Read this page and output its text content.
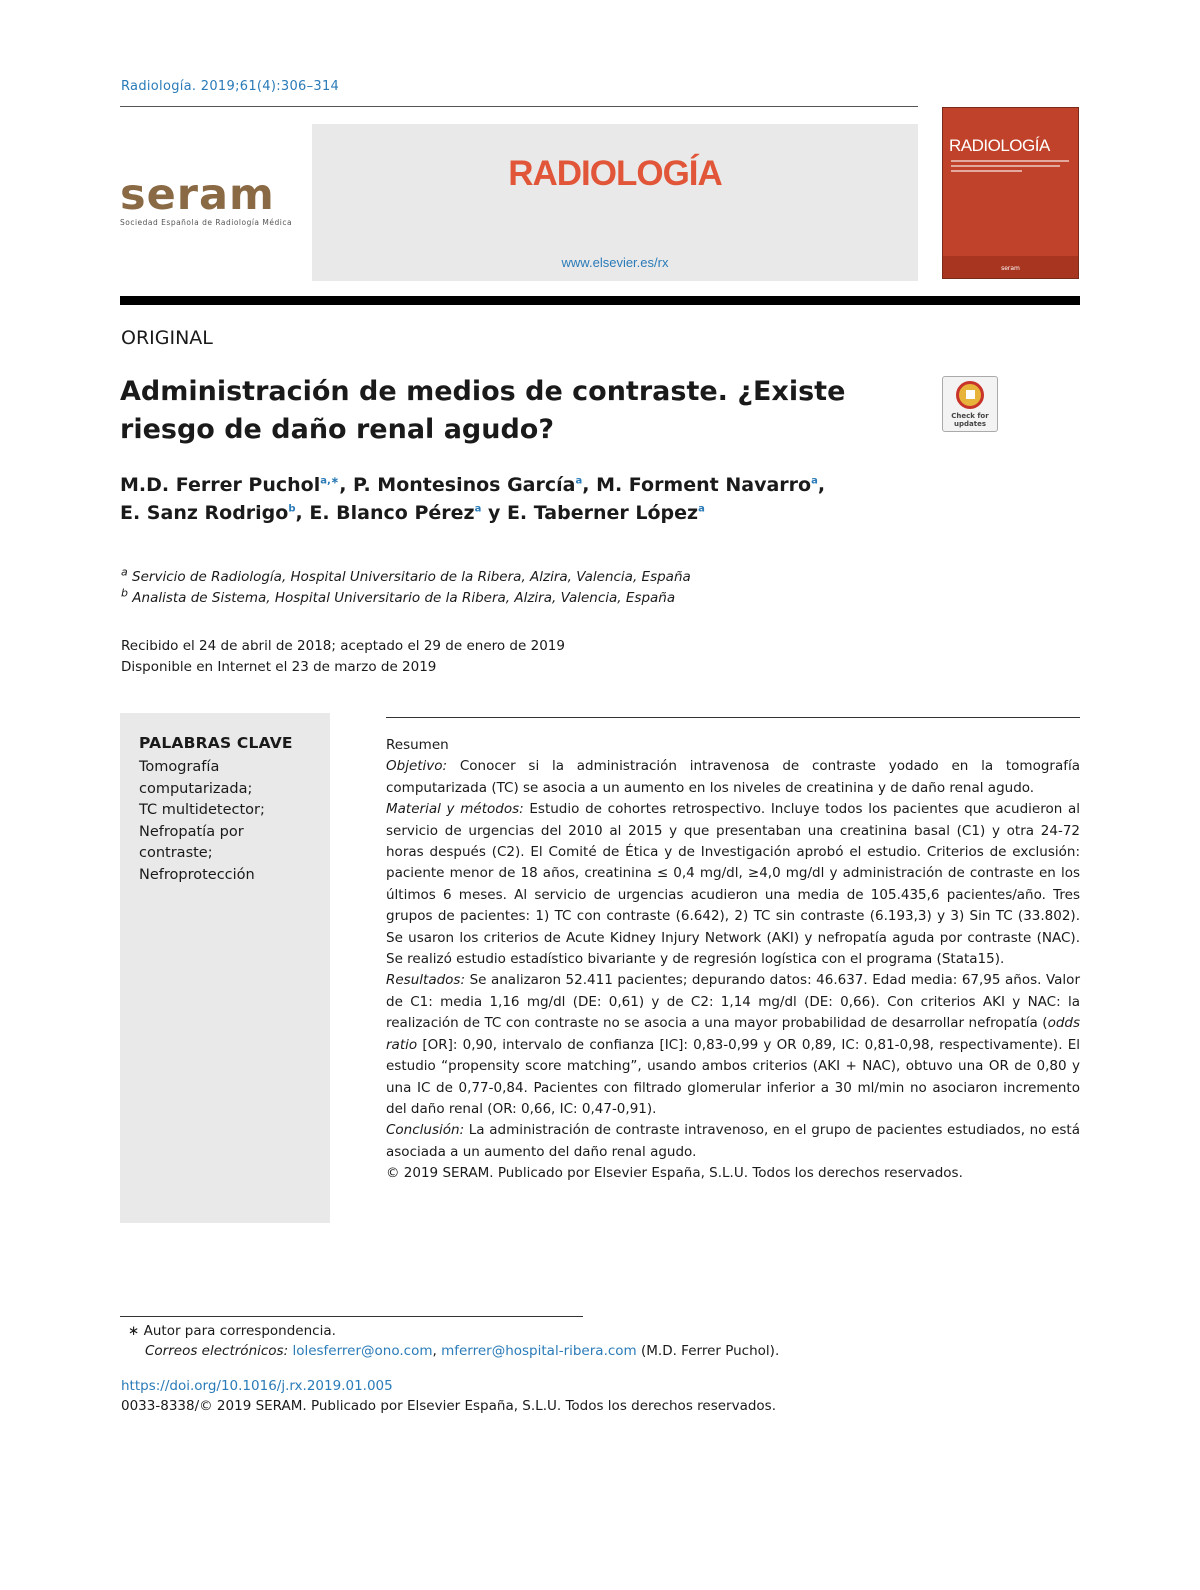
Radiología. 2019;61(4):306–314
seram
Sociedad Española de Radiología Médica
RADIOLOGÍA
www.elsevier.es/rx
RADIOLOGÍA
seram
ORIGINAL
Administración de medios de contraste. ¿Existe riesgo de daño renal agudo?	Check for
updates
M.D. Ferrer Puchol$^{a,∗}$, P. Montesinos García$^a$, M. Forment Navarro$^a$,
E. Sanz Rodrigo$^b$, E. Blanco Pérez$^a$ y E. Taberner López$^a$
$^a$ Servicio de Radiología, Hospital Universitario de la Ribera, Alzira, Valencia, España
$^b$ Analista de Sistema, Hospital Universitario de la Ribera, Alzira, Valencia, España
Recibido el 24 de abril de 2018; aceptado el 29 de enero de 2019
Disponible en Internet el 23 de marzo de 2019
PALABRAS CLAVE
Tomografía
computarizada;
TC multidetector;
Nefropatía por
contraste;
Nefroprotección

Resumen

Objetivo: Conocer si la administración intravenosa de contraste yodado en la tomografía computarizada (TC) se asocia a un aumento en los niveles de creatinina y de daño renal agudo.

Material y métodos: Estudio de cohortes retrospectivo. Incluye todos los pacientes que acudieron al servicio de urgencias del 2010 al 2015 y que presentaban una creatinina basal (C1) y otra 24-72 horas después (C2). El Comité de Ética y de Investigación aprobó el estudio. Criterios de exclusión: paciente menor de 18 años, creatinina ≤ 0,4 mg/dl, ≥4,0 mg/dl y administración de contraste en los últimos 6 meses. Al servicio de urgencias acudieron una media de 105.435,6 pacientes/año. Tres grupos de pacientes: 1) TC con contraste (6.642), 2) TC sin contraste (6.193,3) y 3) Sin TC (33.802). Se usaron los criterios de Acute Kidney Injury Network (AKI) y nefropatía aguda por contraste (NAC). Se realizó estudio estadístico bivariante y de regresión logística con el programa (Stata15).

Resultados: Se analizaron 52.411 pacientes; depurando datos: 46.637. Edad media: 67,95 años. Valor de C1: media 1,16 mg/dl (DE: 0,61) y de C2: 1,14 mg/dl (DE: 0,66). Con criterios AKI y NAC: la realización de TC con contraste no se asocia a una mayor probabilidad de desarrollar nefropatía (odds ratio [OR]: 0,90, intervalo de confianza [IC]: 0,83-0,99 y OR 0,89, IC: 0,81-0,98, respectivamente). El estudio “propensity score matching”, usando ambos criterios (AKI + NAC), obtuvo una OR de 0,80 y una IC de 0,77-0,84. Pacientes con filtrado glomerular inferior a 30 ml/min no asociaron incremento del daño renal (OR: 0,66, IC: 0,47-0,91).

Conclusión: La administración de contraste intravenoso, en el grupo de pacientes estudiados, no está asociada a un aumento del daño renal agudo.

© 2019 SERAM. Publicado por Elsevier España, S.L.U. Todos los derechos reservados.

∗ Autor para correspondencia.
Correos electrónicos: lolesferrer@ono.com, mferrer@hospital-ribera.com (M.D. Ferrer Puchol).
https://doi.org/10.1016/j.rx.2019.01.005
0033-8338/© 2019 SERAM. Publicado por Elsevier España, S.L.U. Todos los derechos reservados.
